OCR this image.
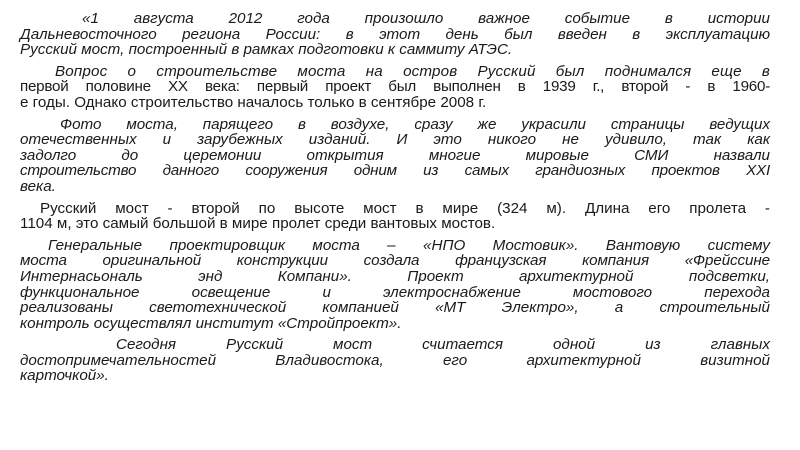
«1 августа 2012 года произошло важное событие в истории
Дальневосточного региона России: в этот день был введен в эксплуатацию
Русский мост, построенный в рамках подготовки к саммиту АТЭС.

Вопрос о строительстве моста на остров Русский был поднимался еще в
первой половине XX века: первый проект был выполнен в 1939 г., второй - в 1960-
е годы. Однако строительство началось только в сентябре 2008 г.

Фото моста, парящего в воздухе, сразу же украсили страницы ведущих
отечественных и зарубежных изданий. И это никого не удивило, так как
задолго до церемонии открытия многие мировые СМИ назвали
строительство данного сооружения одним из самых грандиозных проектов XXI
века.

Русский мост - второй по высоте мост в мире (324 м). Длина его пролета -
1104 м, это самый большой в мире пролет среди вантовых мостов.

Генеральные проектировщик моста – «НПО Мостовик». Вантовую систему
моста оригинальной конструкции создала французская компания «Фрейссине
Интернасьональ энд Компани». Проект архитектурной подсветки,
функциональное освещение и электроснабжение мостового перехода
реализованы светотехнической компанией «МТ Электро», а строительный
контроль осуществлял институт «Стройпроект».

Сегодня Русский мост считается одной из главных
достопримечательностей Владивостока, его архитектурной визитной
карточкой».
